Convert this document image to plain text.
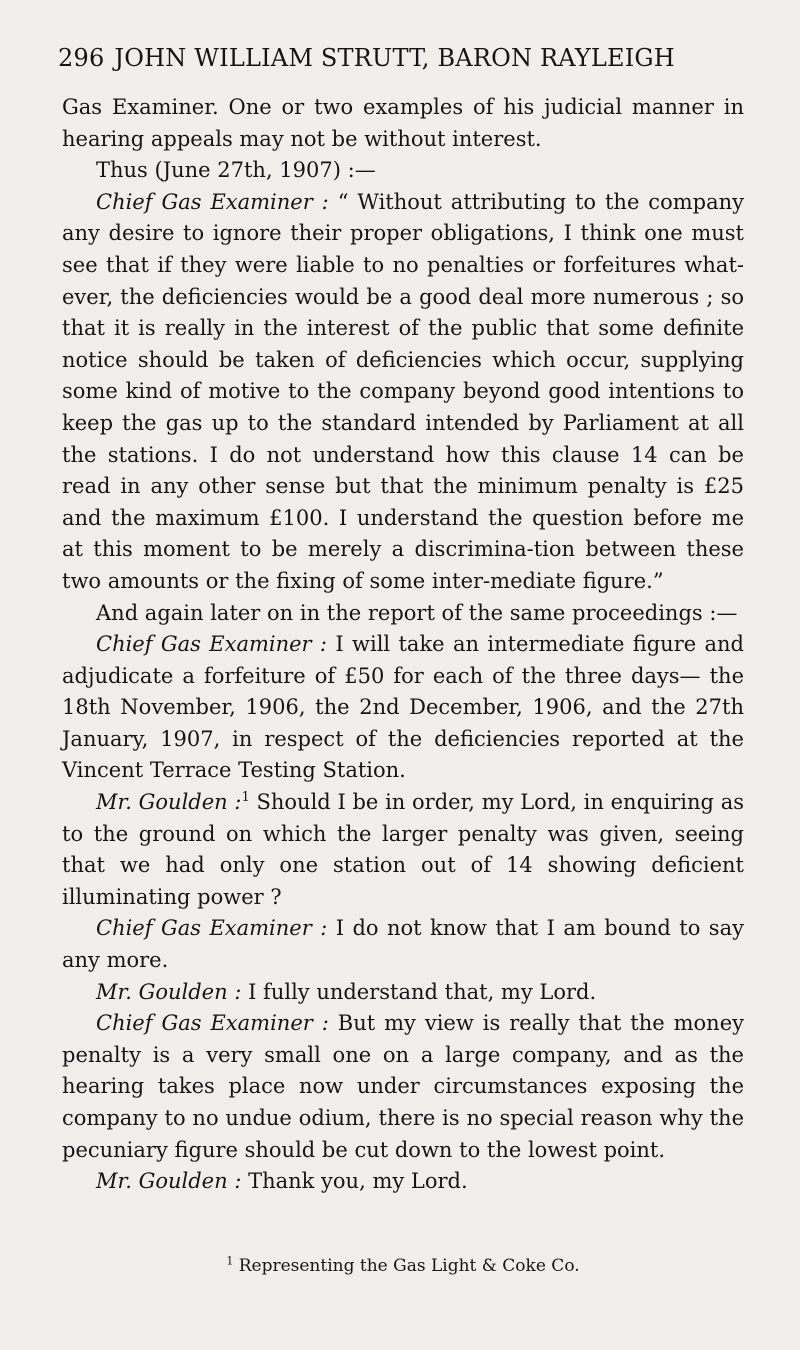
296 JOHN WILLIAM STRUTT, BARON RAYLEIGH

Gas Examiner. One or two examples of his judicial manner in hearing appeals may not be without interest.

Thus (June 27th, 1907) :—

Chief Gas Examiner : “ Without attributing to the company any desire to ignore their proper obligations, I think one must see that if they were liable to no penalties or forfeitures what-ever, the deficiencies would be a good deal more numerous ; so that it is really in the interest of the public that some definite notice should be taken of deficiencies which occur, supplying some kind of motive to the company beyond good intentions to keep the gas up to the standard intended by Parliament at all the stations. I do not understand how this clause 14 can be read in any other sense but that the minimum penalty is £25 and the maximum £100. I understand the question before me at this moment to be merely a discrimina-tion between these two amounts or the fixing of some inter-mediate figure.”

And again later on in the report of the same proceedings :—

Chief Gas Examiner : I will take an intermediate figure and adjudicate a forfeiture of £50 for each of the three days— the 18th November, 1906, the 2nd December, 1906, and the 27th January, 1907, in respect of the deficiencies reported at the Vincent Terrace Testing Station.

Mr. Goulden :$^1$ Should I be in order, my Lord, in enquiring as to the ground on which the larger penalty was given, seeing that we had only one station out of 14 showing deficient illuminating power ?

Chief Gas Examiner : I do not know that I am bound to say any more.

Mr. Goulden : I fully understand that, my Lord.

Chief Gas Examiner : But my view is really that the money penalty is a very small one on a large company, and as the hearing takes place now under circumstances exposing the company to no undue odium, there is no special reason why the pecuniary figure should be cut down to the lowest point.

Mr. Goulden : Thank you, my Lord.

$^1$ Representing the Gas Light & Coke Co.
